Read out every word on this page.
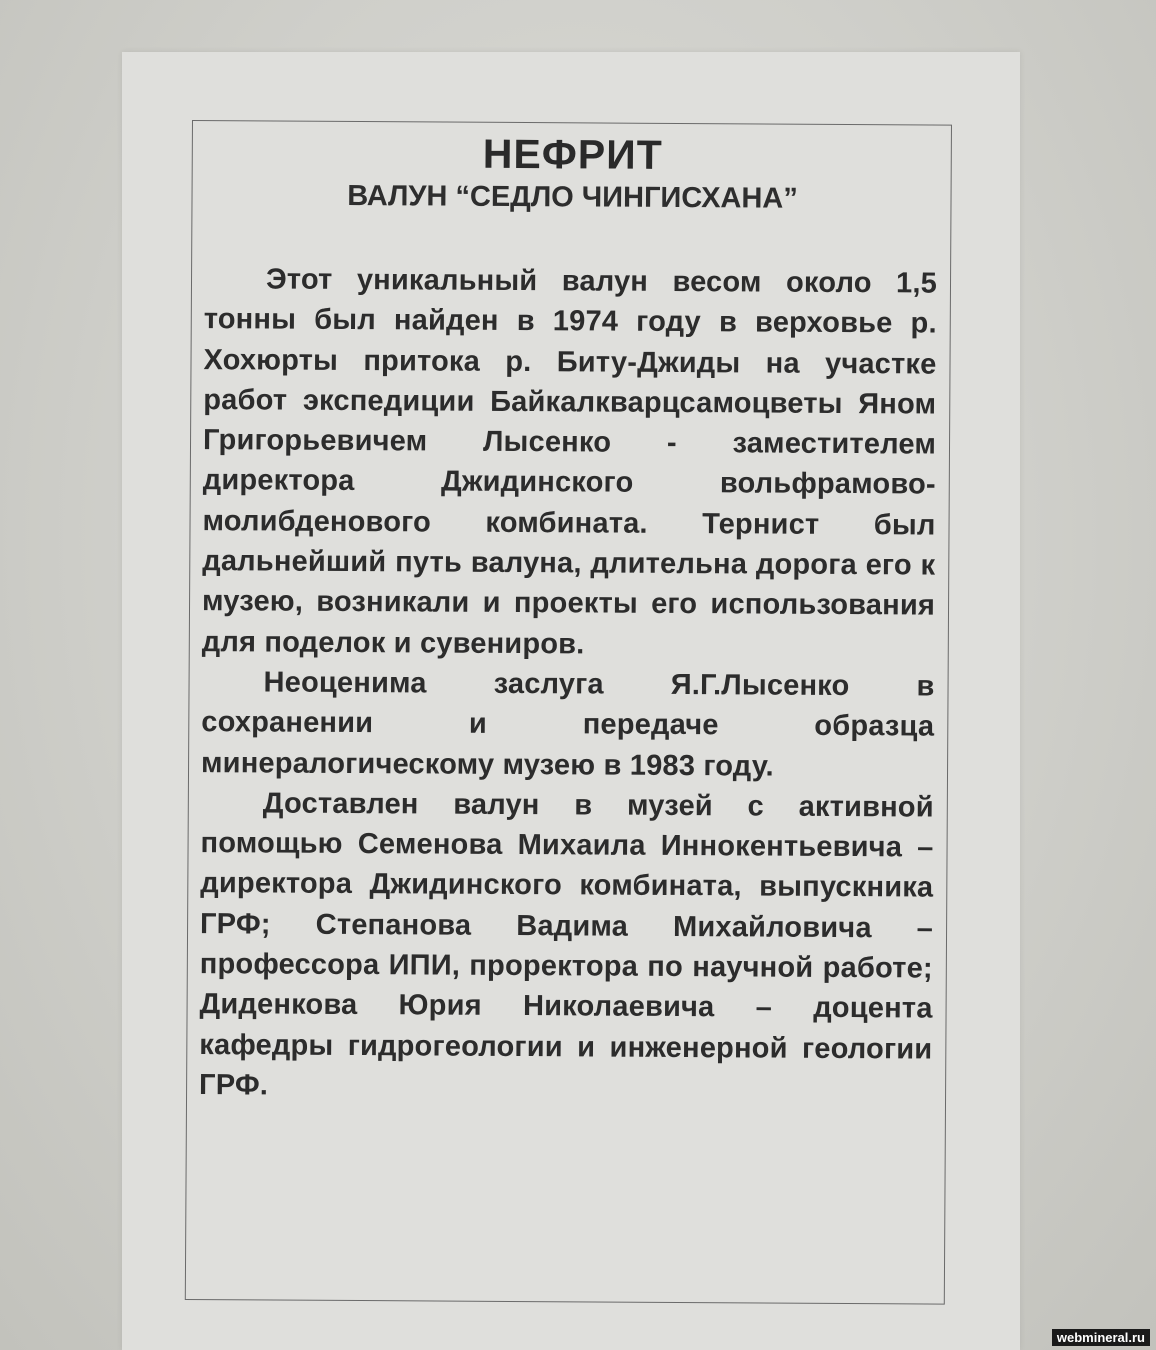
НЕФРИТ
ВАЛУН “СЕДЛО ЧИНГИСХАНА”

Этот уникальный валун весом около 1,5 тонны был найден в 1974 году в верховье р. Хохюрты притока р. Биту-Джиды на участке работ экспедиции Байкалкварцсамоцветы Яном Григорьевичем Лысенко - заместителем директора Джидинского вольфрамово-молибденового комбината. Тернист был дальнейший путь валуна, длительна дорога его к музею, возникали и проекты его использования для поделок и сувениров.

Неоценима заслуга Я.Г.Лысенко в сохранении и передаче образца минералогическому музею в 1983 году.

Доставлен валун в музей с активной помощью Семенова Михаила Иннокентьевича – директора Джидинского комбината, выпускника ГРФ; Степанова Вадима Михайловича – профессора ИПИ, проректора по научной работе; Диденкова Юрия Николаевича – доцента кафедры гидрогеологии и инженерной геологии ГРФ.

webmineral.ru
